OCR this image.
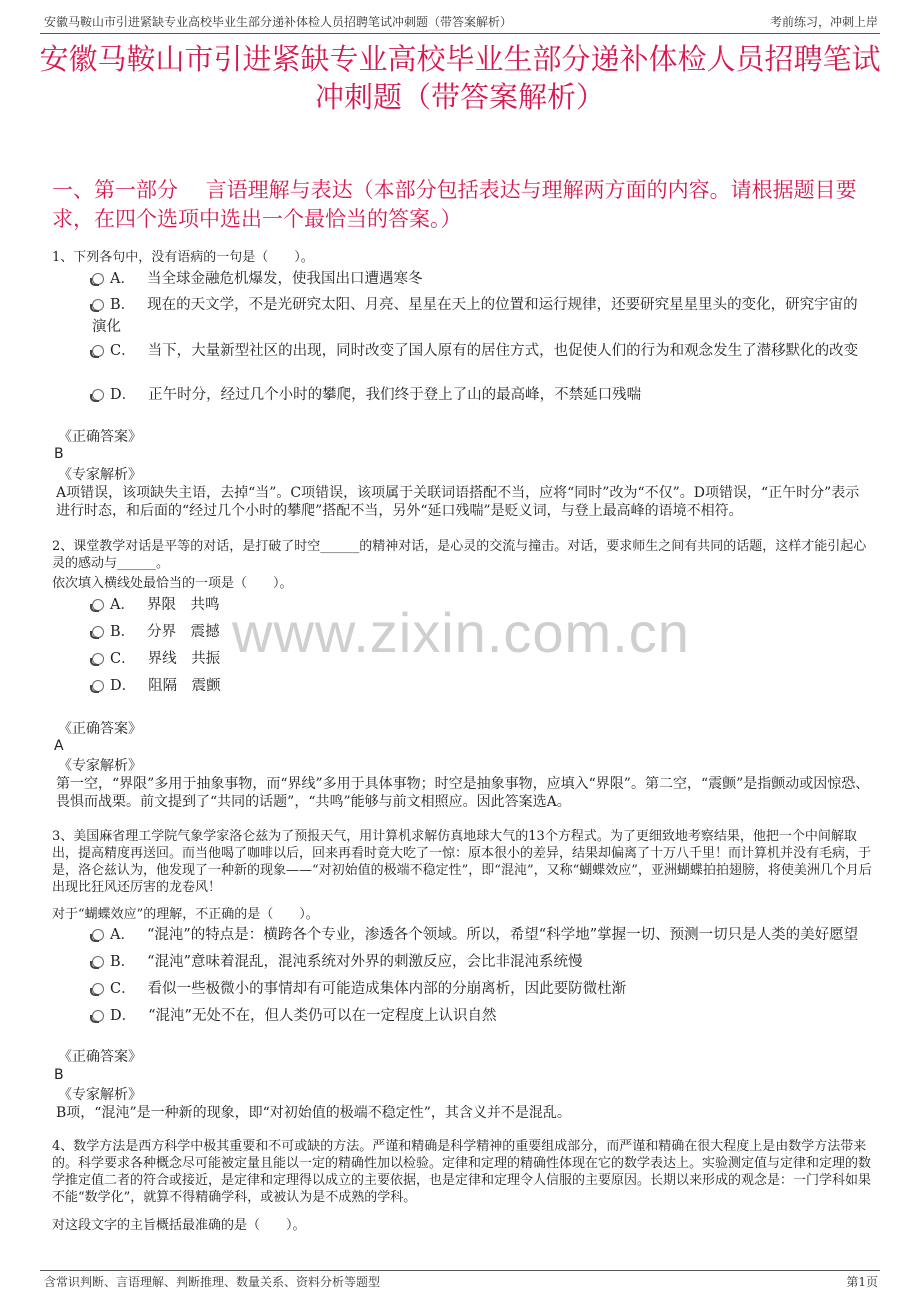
安徽马鞍山市引进紧缺专业高校毕业生部分递补体检人员招聘笔试冲刺题（带答案解析）	考前练习，冲刺上岸
安徽马鞍山市引进紧缺专业高校毕业生部分递补体检人员招聘笔试冲刺题（带答案解析）
一、第一部分　 言语理解与表达（本部分包括表达与理解两方面的内容。请根据题目要求，在四个选项中选出一个最恰当的答案。）
www.zixin.com.cn
1、下列各句中，没有语病的一句是（　　）。
A． 当全球金融危机爆发，使我国出口遭遇寒冬
B． 现在的天文学，不是光研究太阳、月亮、星星在天上的位置和运行规律，还要研究星星里头的变化，研究宇宙的演化
C． 当下，大量新型社区的出现，同时改变了国人原有的居住方式，也促使人们的行为和观念发生了潜移默化的改变
D． 正午时分，经过几个小时的攀爬，我们终于登上了山的最高峰，不禁延口残喘
《正确答案》
B
《专家解析》
A项错误，该项缺失主语，去掉“当”。C项错误，该项属于关联词语搭配不当，应将“同时”改为“不仅”。D项错误，“正午时分”表示进行时态，和后面的“经过几个小时的攀爬”搭配不当，另外“延口残喘”是贬义词，与登上最高峰的语境不相符。
2、课堂教学对话是平等的对话，是打破了时空______的精神对话，是心灵的交流与撞击。对话，要求师生之间有共同的话题，这样才能引起心灵的感动与______。
依次填入横线处最恰当的一项是（　　）。
A． 界限　共鸣
B． 分界　震撼
C． 界线　共振
D． 阻隔　震颤
《正确答案》
A
《专家解析》
第一空，“界限”多用于抽象事物，而“界线”多用于具体事物；时空是抽象事物，应填入“界限”。第二空，“震颤”是指颤动或因惊恐、畏惧而战栗。前文提到了“共同的话题”，“共鸣”能够与前文相照应。因此答案选A。
3、美国麻省理工学院气象学家洛仑兹为了预报天气，用计算机求解仿真地球大气的13个方程式。为了更细致地考察结果，他把一个中间解取出，提高精度再送回。而当他喝了咖啡以后，回来再看时竟大吃了一惊：原本很小的差异，结果却偏离了十万八千里！而计算机并没有毛病，于是，洛仑兹认为，他发现了一种新的现象——“对初始值的极端不稳定性”，即“混沌”，又称“蝴蝶效应”，亚洲蝴蝶拍拍翅膀，将使美洲几个月后出现比狂风还厉害的龙卷风！
对于“蝴蝶效应”的理解，不正确的是（　　）。
A． “混沌”的特点是：横跨各个专业，渗透各个领域。所以，希望“科学地”掌握一切、预测一切只是人类的美好愿望
B． “混沌”意味着混乱，混沌系统对外界的刺激反应，会比非混沌系统慢
C． 看似一些极微小的事情却有可能造成集体内部的分崩离析，因此要防微杜渐
D． “混沌”无处不在，但人类仍可以在一定程度上认识自然
《正确答案》
B
《专家解析》
B项，“混沌”是一种新的现象，即“对初始值的极端不稳定性”，其含义并不是混乱。
4、数学方法是西方科学中极其重要和不可或缺的方法。严谨和精确是科学精神的重要组成部分，而严谨和精确在很大程度上是由数学方法带来的。科学要求各种概念尽可能被定量且能以一定的精确性加以检验。定律和定理的精确性体现在它的数学表达上。实验测定值与定律和定理的数学推定值二者的符合或接近，是定律和定理得以成立的主要依据，也是定律和定理令人信服的主要原因。长期以来形成的观念是：一门学科如果不能“数学化”，就算不得精确学科，或被认为是不成熟的学科。
对这段文字的主旨概括最准确的是（　　）。
含常识判断、言语理解、判断推理、数量关系、资料分析等题型	第1页
